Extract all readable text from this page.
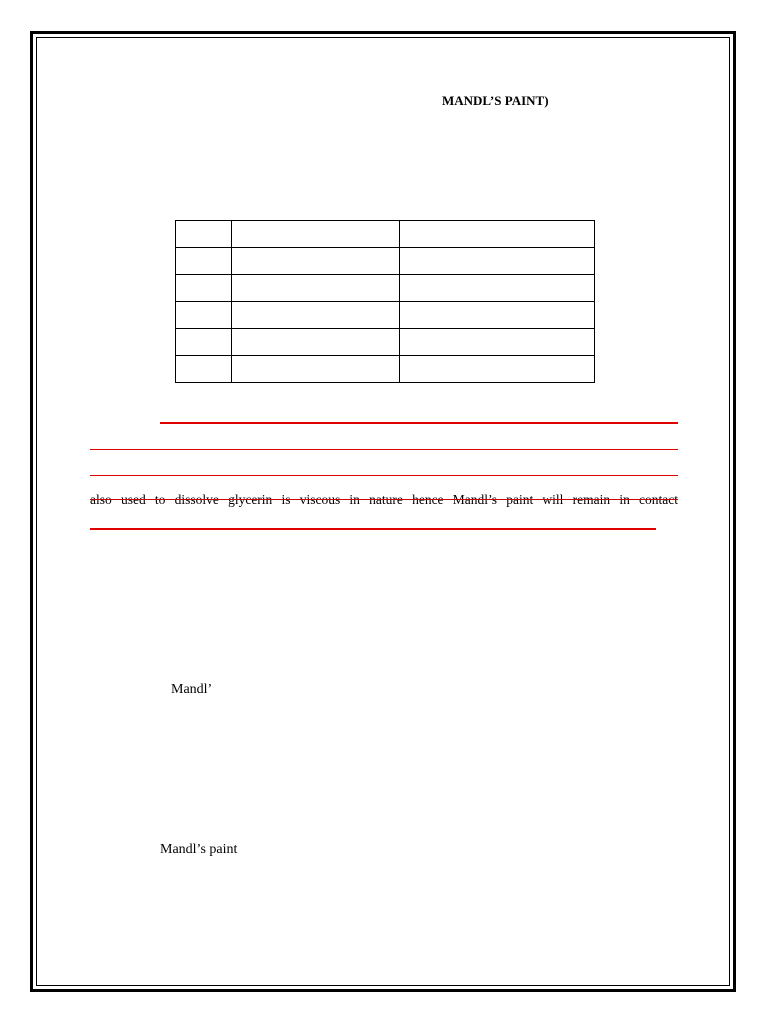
MANDL’S PAINT)

also used to dissolve glycerin is viscous in nature hence Mandl’s paint will remain in contact
Mandl’
Mandl’s paint
